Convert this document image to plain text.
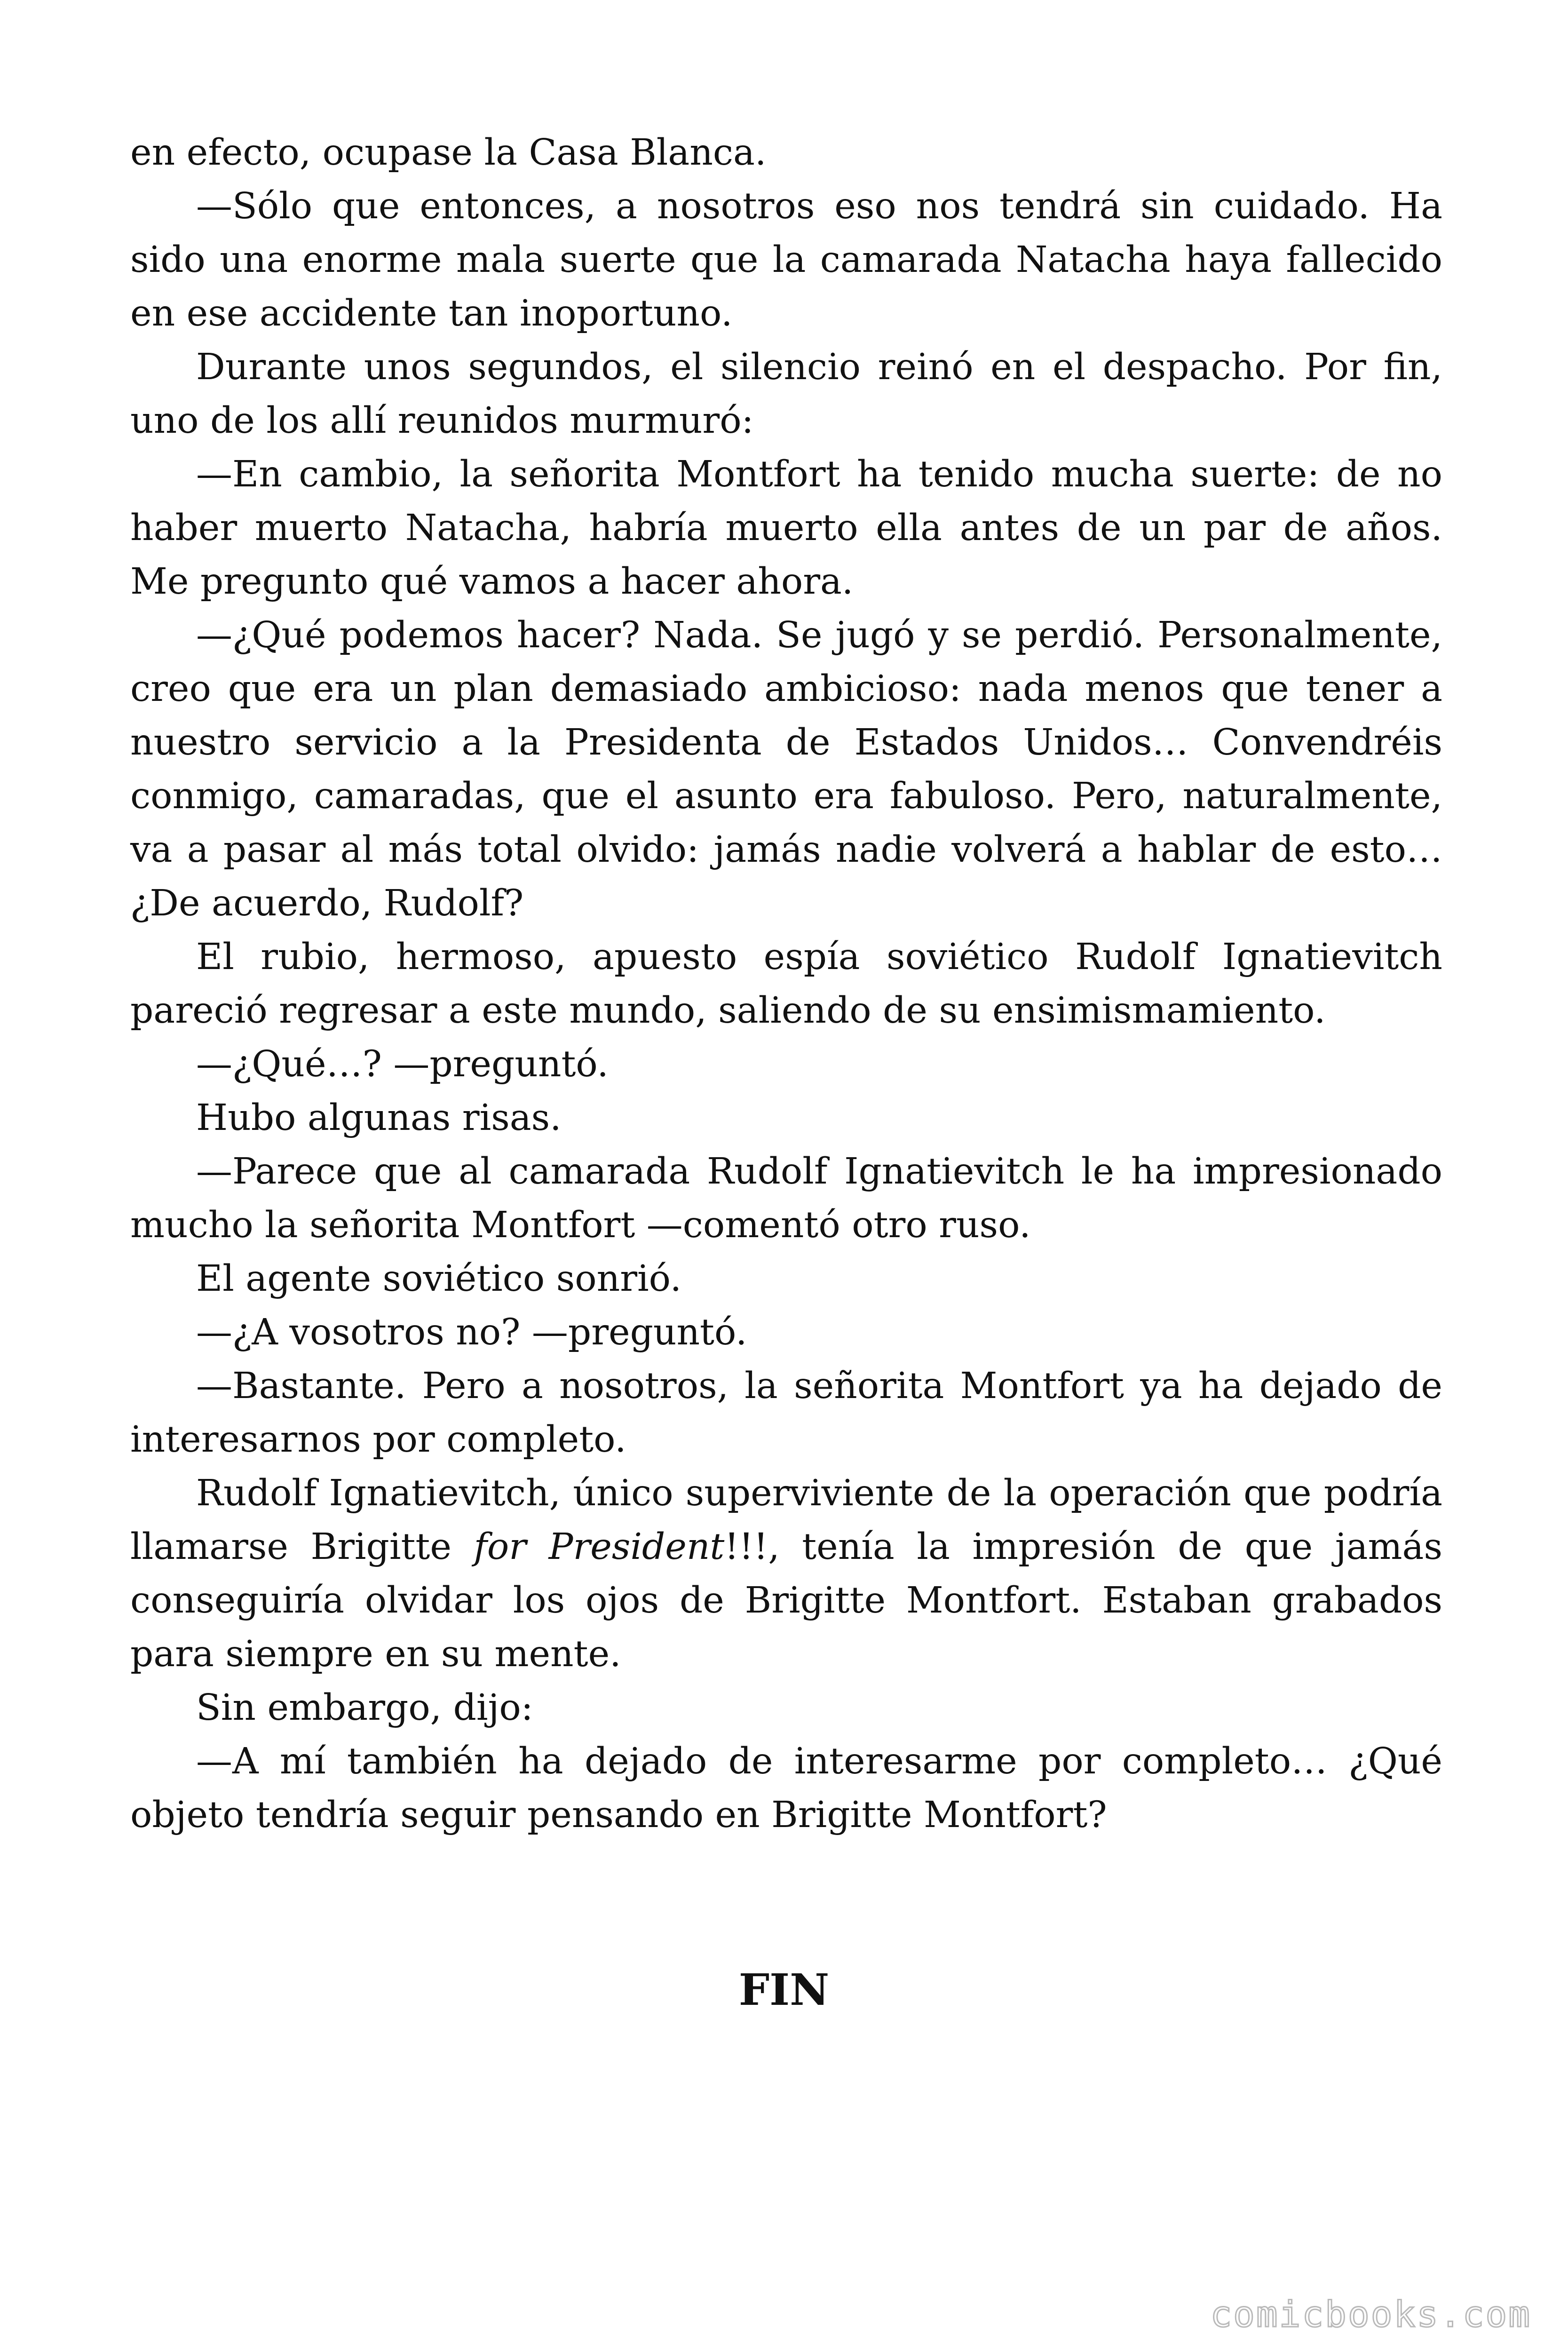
en efecto, ocupase la Casa Blanca.

—Sólo que entonces, a nosotros eso nos tendrá sin cuidado. Ha sido una enorme mala suerte que la camarada Natacha haya fallecido en ese accidente tan inoportuno.

Durante unos segundos, el silencio reinó en el despacho. Por fin, uno de los allí reunidos murmuró:

—En cambio, la señorita Montfort ha tenido mucha suerte: de no haber muerto Natacha, habría muerto ella antes de un par de años. Me pregunto qué vamos a hacer ahora.

—¿Qué podemos hacer? Nada. Se jugó y se perdió. Personalmente, creo que era un plan demasiado ambicioso: nada menos que tener a nuestro servicio a la Presidenta de Estados Unidos… Convendréis conmigo, camaradas, que el asunto era fabuloso. Pero, naturalmente, va a pasar al más total olvido: jamás nadie volverá a hablar de esto… ¿De acuerdo, Rudolf?

El rubio, hermoso, apuesto espía soviético Rudolf Ignatievitch pareció regresar a este mundo, saliendo de su ensimismamiento.

—¿Qué…? —preguntó.

Hubo algunas risas.

—Parece que al camarada Rudolf Ignatievitch le ha impresionado mucho la señorita Montfort —comentó otro ruso.

El agente soviético sonrió.

—¿A vosotros no? —preguntó.

—Bastante. Pero a nosotros, la señorita Montfort ya ha dejado de interesarnos por completo.

Rudolf Ignatievitch, único superviviente de la operación que podría llamarse Brigitte for President!!!, tenía la impresión de que jamás conseguiría olvidar los ojos de Brigitte Montfort. Estaban grabados para siempre en su mente.

Sin embargo, dijo:

—A mí también ha dejado de interesarme por completo… ¿Qué objeto tendría seguir pensando en Brigitte Montfort?

FIN
comicbooks.com
